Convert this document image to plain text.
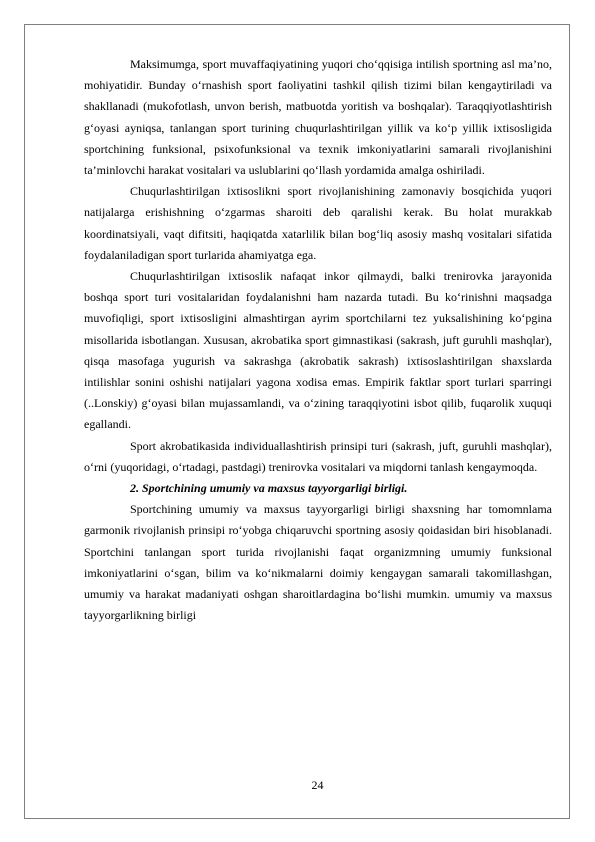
Maksimumga, sport muvaffaqiyatining yuqori cho‘qqisiga intilish sportning asl ma’no, mohiyatidir. Bunday o‘rnashish sport faoliyatini tashkil qilish tizimi bilan kengaytiriladi va shakllanadi (mukofotlash, unvon berish, matbuotda yoritish va boshqalar). Taraqqiyotlashtirish g‘oyasi ayniqsa, tanlangan sport turining chuqurlashtirilgan yillik va ko‘p yillik ixtisosligida sportchining funksional, psixofunksional va texnik imkoniyatlarini samarali rivojlanishini ta’minlovchi harakat vositalari va uslublarini qo‘llash yordamida amalga oshiriladi.

Chuqurlashtirilgan ixtisoslikni sport rivojlanishining zamonaviy bosqichida yuqori natijalarga erishishning o‘zgarmas sharoiti deb qaralishi kerak. Bu holat murakkab koordinatsiyali, vaqt difitsiti, haqiqatda xatarlilik bilan bog‘liq asosiy mashq vositalari sifatida foydalaniladigan sport turlarida ahamiyatga ega.

Chuqurlashtirilgan ixtisoslik nafaqat inkor qilmaydi, balki trenirovka jarayonida boshqa sport turi vositalaridan foydalanishni ham nazarda tutadi. Bu ko‘rinishni maqsadga muvofiqligi, sport ixtisosligini almashtirgan ayrim sportchilarni tez yuksalishining ko‘pgina misollarida isbotlangan. Xususan, akrobatika sport gimnastikasi (sakrash, juft guruhli mashqlar), qisqa masofaga yugurish va sakrashga (akrobatik sakrash) ixtisoslashtirilgan shaxslarda intilishlar sonini oshishi natijalari yagona xodisa emas. Empirik faktlar sport turlari sparringi (..Lonskiy) g‘oyasi bilan mujassamlandi, va o‘zining taraqqiyotini isbot qilib, fuqarolik xuquqi egallandi.

Sport akrobatikasida individuallashtirish prinsipi turi (sakrash, juft, guruhli mashqlar), o‘rni (yuqoridagi, o‘rtadagi, pastdagi) trenirovka vositalari va miqdorni tanlash kengaymoqda.

2. Sportchining umumiy va maxsus tayyorgarligi birligi.

Sportchining umumiy va maxsus tayyorgarligi birligi shaxsning har tomomnlama garmonik rivojlanish prinsipi ro‘yobga chiqaruvchi sportning asosiy qoidasidan biri hisoblanadi. Sportchini tanlangan sport turida rivojlanishi faqat organizmning umumiy funksional imkoniyatlarini o‘sgan, bilim va ko‘nikmalarni doimiy kengaygan samarali takomillashgan, umumiy va harakat madaniyati oshgan sharoitlardagina bo‘lishi mumkin. umumiy va maxsus tayyorgarlikning birligi

24
